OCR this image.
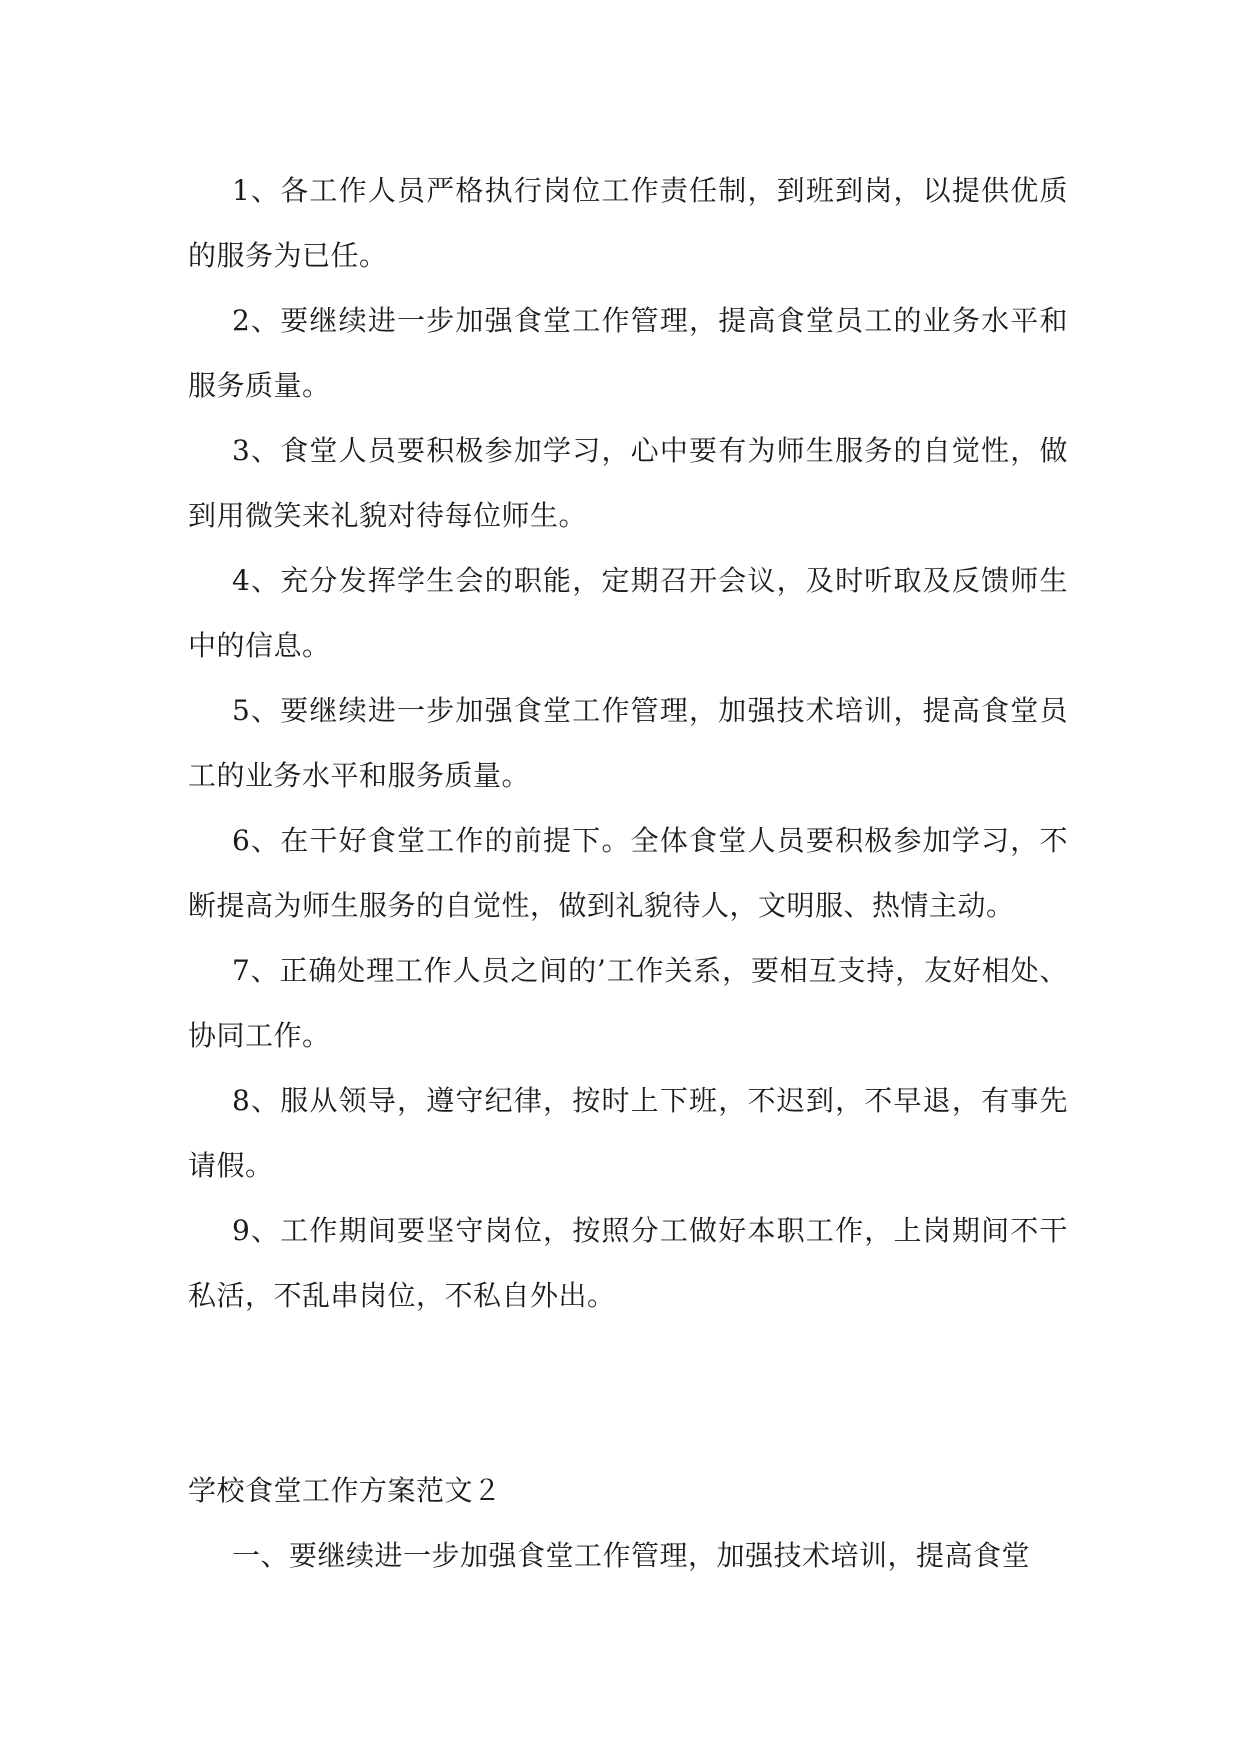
1、各工作人员严格执行岗位工作责任制，到班到岗，以提供优质的服务为已任。

2、要继续进一步加强食堂工作管理，提高食堂员工的业务水平和服务质量。

3、食堂人员要积极参加学习，心中要有为师生服务的自觉性，做到用微笑来礼貌对待每位师生。

4、充分发挥学生会的职能，定期召开会议，及时听取及反馈师生中的信息。

5、要继续进一步加强食堂工作管理，加强技术培训，提高食堂员工的业务水平和服务质量。

6、在干好食堂工作的前提下。全体食堂人员要积极参加学习，不断提高为师生服务的自觉性，做到礼貌待人，文明服、热情主动。

7、正确处理工作人员之间的’工作关系，要相互支持，友好相处、协同工作。

8、服从领导，遵守纪律，按时上下班，不迟到，不早退，有事先请假。

9、工作期间要坚守岗位，按照分工做好本职工作，上岗期间不干私活，不乱串岗位，不私自外出。

学校食堂工作方案范文２

一、要继续进一步加强食堂工作管理，加强技术培训，提高食堂
